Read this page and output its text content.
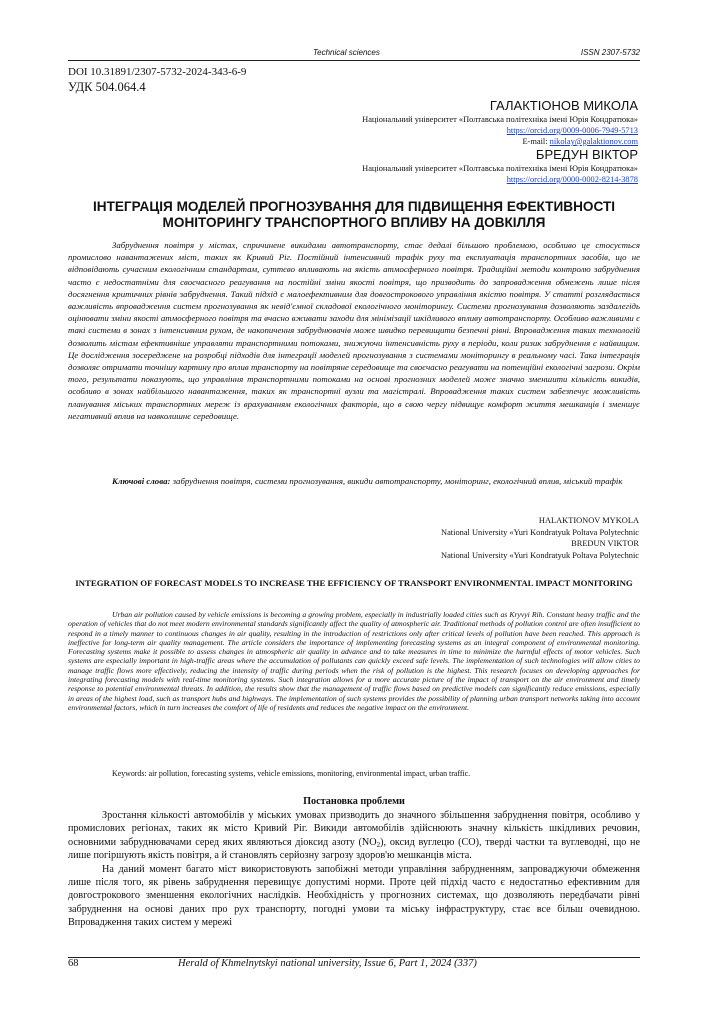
Technical sciences	ISSN 2307-5732
DOI 10.31891/2307-5732-2024-343-6-9
УДК 504.064.4
ГАЛАКТІОНОВ МИКОЛА
Національний університет «Полтавська політехніка імені Юрія Кондратюка»
https://orcid.org/0009-0006-7949-5713
E-mail: nikolay@galaktionov.com
БРЕДУН ВІКТОР
Національний університет «Полтавська політехніка імені Юрія Кондратюка»
https://orcid.org/0000-0002-8214-3878
ІНТЕГРАЦІЯ МОДЕЛЕЙ ПРОГНОЗУВАННЯ ДЛЯ ПІДВИЩЕННЯ ЕФЕКТИВНОСТІ МОНІТОРИНГУ ТРАНСПОРТНОГО ВПЛИВУ НА ДОВКІЛЛЯ

Забруднення повітря у містах, спричинене викидами автотранспорту, стає дедалі більшою проблемою, особливо це стосується промислово навантажених міст, таких як Кривий Ріг. Постійний інтенсивний трафік руху та експлуатація транспортних засобів, що не відповідають сучасним екологічним стандартам, суттєво впливають на якість атмосферного повітря. Традиційні методи контролю забруднення часто є недостатніми для своєчасного реагування на постійні зміни якості повітря, що призводить до запровадження обмежень лише після досягнення критичних рівнів забруднення. Такий підхід є малоефективним для довгострокового управління якістю повітря. У статті розглядається важливість впровадження систем прогнозування як невід'ємної складової екологічного моніторингу. Системи прогнозування дозволяють заздалегідь оцінювати зміни якості атмосферного повітря та вчасно вживати заходи для мінімізації шкідливого впливу автотранспорту. Особливо важливими є такі системи в зонах з інтенсивним рухом, де накопичення забруднювачів може швидко перевищити безпечні рівні. Впровадження таких технологій дозволить містам ефективніше управляти транспортними потоками, знижуючи інтенсивність руху в періоди, коли ризик забруднення є найвищим. Це дослідження зосереджене на розробці підходів для інтеграції моделей прогнозування з системами моніторингу в реальному часі. Така інтеграція дозволяє отримати точнішу картину про вплив транспорту на повітряне середовище та своєчасно реагувати на потенційні екологічні загрози. Окрім того, результати показують, що управління транспортними потоками на основі прогнозних моделей може значно зменшити кількість викидів, особливо в зонах найбільшого навантаження, таких як транспортні вузли та магістралі. Впровадження таких систем забезпечує можливість планування міських транспортних мереж із врахуванням екологічних факторів, що в свою чергу підвищує комфорт життя мешканців і зменшує негативний вплив на навколишнє середовище.

Ключові слова: забруднення повітря, системи прогнозування, викиди автотранспорту, моніторинг, екологічний вплив, міський трафік
HALAKTIONOV MYKOLA
National University «Yuri Kondratyuk Poltava Polytechnic
BREDUN VIKTOR
National University «Yuri Kondratyuk Poltava Polytechnic
INTEGRATION OF FORECAST MODELS TO INCREASE THE EFFICIENCY OF TRANSPORT ENVIRONMENTAL IMPACT MONITORING

Urban air pollution caused by vehicle emissions is becoming a growing problem, especially in industrially loaded cities such as Kryvyi Rih. Constant heavy traffic and the operation of vehicles that do not meet modern environmental standards significantly affect the quality of atmospheric air. Traditional methods of pollution control are often insufficient to respond in a timely manner to continuous changes in air quality, resulting in the introduction of restrictions only after critical levels of pollution have been reached. This approach is ineffective for long-term air quality management. The article considers the importance of implementing forecasting systems as an integral component of environmental monitoring. Forecasting systems make it possible to assess changes in atmospheric air quality in advance and to take measures in time to minimize the harmful effects of motor vehicles. Such systems are especially important in high-traffic areas where the accumulation of pollutants can quickly exceed safe levels. The implementation of such technologies will allow cities to manage traffic flows more effectively, reducing the intensity of traffic during periods when the risk of pollution is the highest. This research focuses on developing approaches for integrating forecasting models with real-time monitoring systems. Such integration allows for a more accurate picture of the impact of transport on the air environment and timely response to potential environmental threats. In addition, the results show that the management of traffic flows based on predictive models can significantly reduce emissions, especially in areas of the highest load, such as transport hubs and highways. The implementation of such systems provides the possibility of planning urban transport networks taking into account environmental factors, which in turn increases the comfort of life of residents and reduces the negative impact on the environment.

Keywords: air pollution, forecasting systems, vehicle emissions, monitoring, environmental impact, urban traffic.
Постановка проблеми

Зростання кількості автомобілів у міських умовах призводить до значного збільшення забруднення повітря, особливо у промислових регіонах, таких як місто Кривий Ріг. Викиди автомобілів здійснюють значну кількість шкідливих речовин, основними забруднювачами серед яких являються діоксид азоту $(NO_2)$, оксид вуглецю (CO), тверді частки та вуглеводні, що не лише погіршують якість повітря, а й становлять серйозну загрозу здоров'ю мешканців міста.

На даний момент багато міст використовують запобіжні методи управління забрудненням, запроваджуючи обмеження лише після того, як рівень забруднення перевищує допустимі норми. Проте цей підхід часто є недостатньо ефективним для довгострокового зменшення екологічних наслідків. Необхідність у прогнозних системах, що дозволяють передбачати рівні забруднення на основі даних про рух транспорту, погодні умови та міську інфраструктуру, стає все більш очевидною. Впровадження таких систем у мережі

68	Herald of Khmelnytskyi national university, Issue 6, Part 1, 2024 (337)
